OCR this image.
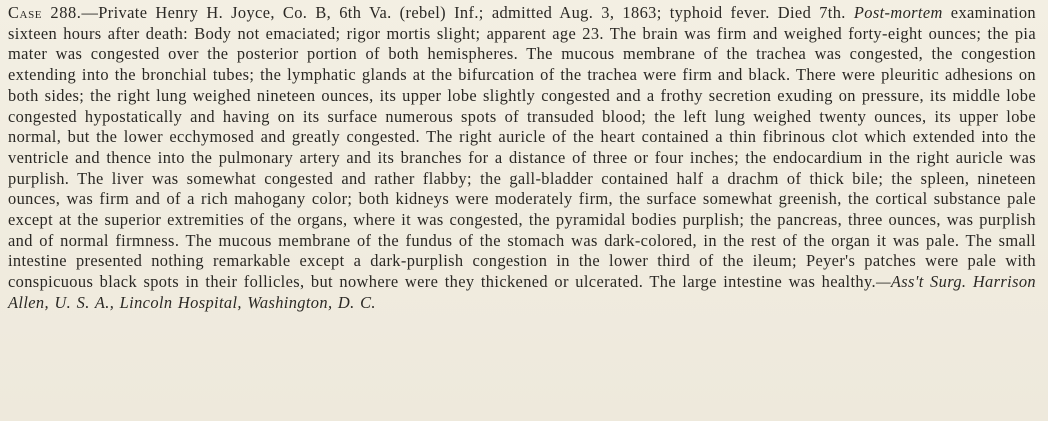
Case 288.—Private Henry H. Joyce, Co. B, 6th Va. (rebel) Inf.; admitted Aug. 3, 1863; typhoid fever. Died 7th. Post-mortem examination sixteen hours after death: Body not emaciated; rigor mortis slight; apparent age 23. The brain was firm and weighed forty-eight ounces; the pia mater was congested over the posterior portion of both hemispheres. The mucous membrane of the trachea was congested, the congestion extending into the bronchial tubes; the lymphatic glands at the bifurcation of the trachea were firm and black. There were pleuritic adhesions on both sides; the right lung weighed nineteen ounces, its upper lobe slightly congested and a frothy secretion exuding on pressure, its middle lobe congested hypostatically and having on its surface numerous spots of transuded blood; the left lung weighed twenty ounces, its upper lobe normal, but the lower ecchymosed and greatly congested. The right auricle of the heart contained a thin fibrinous clot which extended into the ventricle and thence into the pulmonary artery and its branches for a distance of three or four inches; the endocardium in the right auricle was purplish. The liver was somewhat congested and rather flabby; the gall-bladder contained half a drachm of thick bile; the spleen, nineteen ounces, was firm and of a rich mahogany color; both kidneys were moderately firm, the surface somewhat greenish, the cortical substance pale except at the superior extremities of the organs, where it was congested, the pyramidal bodies purplish; the pancreas, three ounces, was purplish and of normal firmness. The mucous membrane of the fundus of the stomach was dark-colored, in the rest of the organ it was pale. The small intestine presented nothing remarkable except a dark-purplish congestion in the lower third of the ileum; Peyer's patches were pale with conspicuous black spots in their follicles, but nowhere were they thickened or ulcerated. The large intestine was healthy.—Ass't Surg. Harrison Allen, U. S. A., Lincoln Hospital, Washington, D. C.
